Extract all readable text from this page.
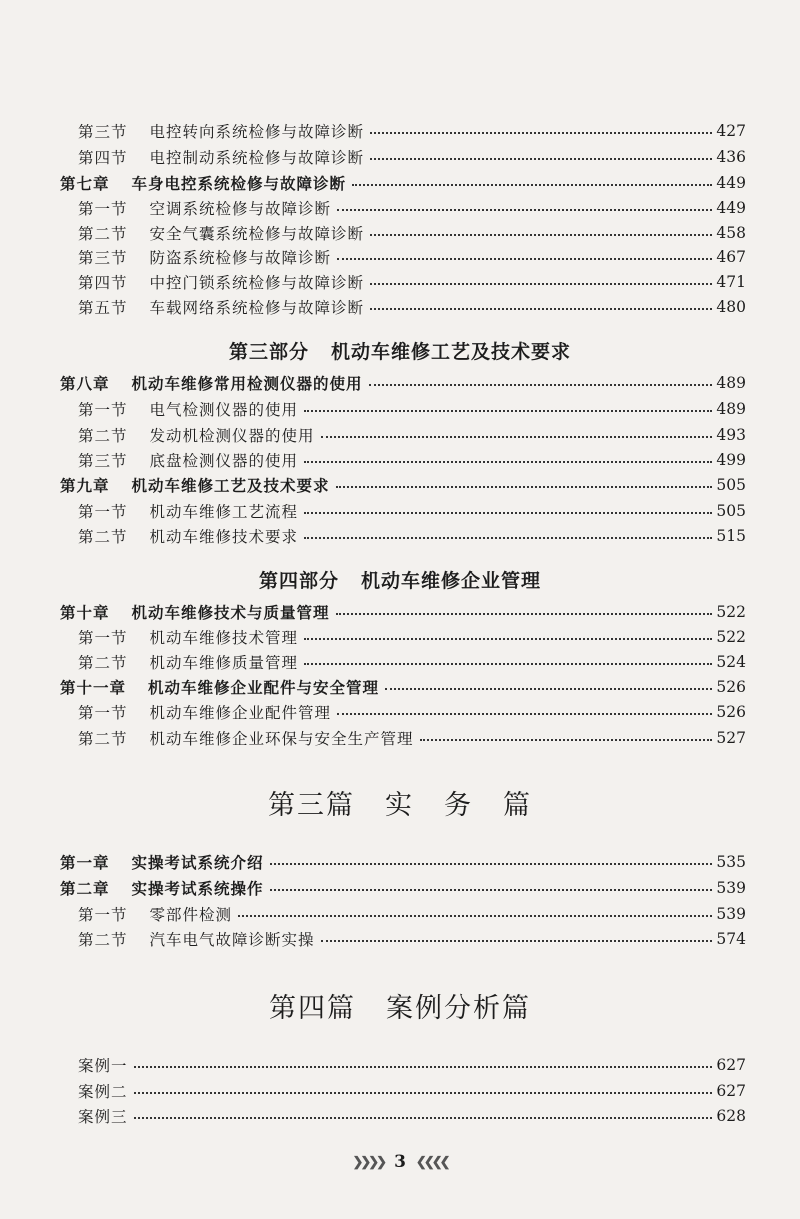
第三节 电控转向系统检修与故障诊断	427
第四节 电控制动系统检修与故障诊断	436
第七章 车身电控系统检修与故障诊断	449
第一节 空调系统检修与故障诊断	449
第二节 安全气囊系统检修与故障诊断	458
第三节 防盗系统检修与故障诊断	467
第四节 中控门锁系统检修与故障诊断	471
第五节 车载网络系统检修与故障诊断	480
第三部分 机动车维修工艺及技术要求
第八章 机动车维修常用检测仪器的使用	489
第一节 电气检测仪器的使用	489
第二节 发动机检测仪器的使用	493
第三节 底盘检测仪器的使用	499
第九章 机动车维修工艺及技术要求	505
第一节 机动车维修工艺流程	505
第二节 机动车维修技术要求	515
第四部分 机动车维修企业管理
第十章 机动车维修技术与质量管理	522
第一节 机动车维修技术管理	522
第二节 机动车维修质量管理	524
第十一章 机动车维修企业配件与安全管理	526
第一节 机动车维修企业配件管理	526
第二节 机动车维修企业环保与安全生产管理	527
第三篇 实 务 篇
第一章 实操考试系统介绍	535
第二章 实操考试系统操作	539
第一节 零部件检测	539
第二节 汽车电气故障诊断实操	574
第四篇 案例分析篇
案例一	627
案例二	627
案例三	628
❯❯❯❯ 3 ❮❮❮❮
